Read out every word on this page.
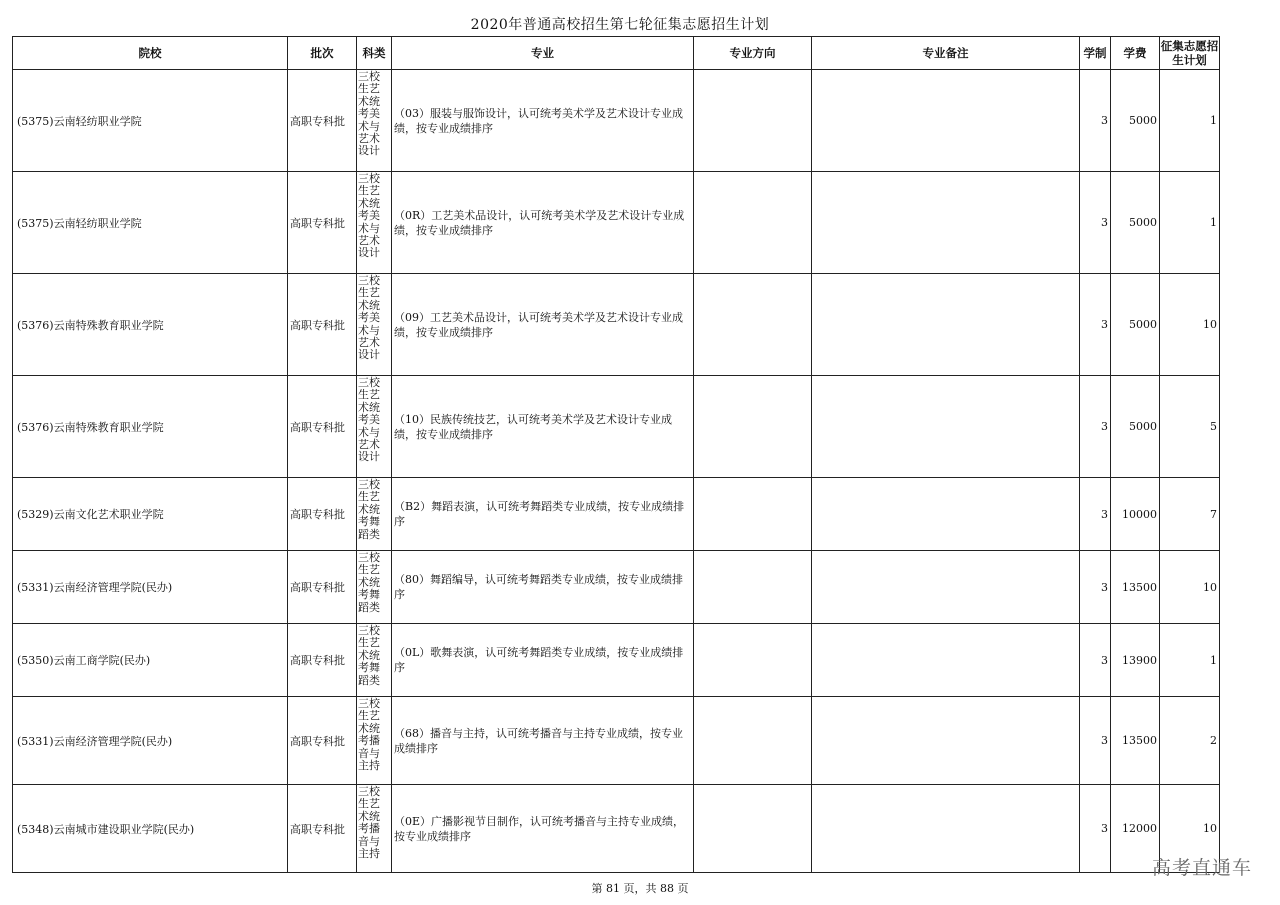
2020年普通高校招生第七轮征集志愿招生计划
院校	批次	科类	专业	专业方向	专业备注	学制	学费	征集志愿招生计划
(5375)云南轻纺职业学院	高职专科批	三校生艺术统考美术与艺术设计	（03）服装与服饰设计，认可统考美术学及艺术设计专业成绩，按专业成绩排序			3	5000	1
(5375)云南轻纺职业学院	高职专科批	三校生艺术统考美术与艺术设计	（0R）工艺美术品设计，认可统考美术学及艺术设计专业成绩，按专业成绩排序			3	5000	1
(5376)云南特殊教育职业学院	高职专科批	三校生艺术统考美术与艺术设计	（09）工艺美术品设计，认可统考美术学及艺术设计专业成绩，按专业成绩排序			3	5000	10
(5376)云南特殊教育职业学院	高职专科批	三校生艺术统考美术与艺术设计	（10）民族传统技艺，认可统考美术学及艺术设计专业成绩，按专业成绩排序			3	5000	5
(5329)云南文化艺术职业学院	高职专科批	三校生艺术统考舞蹈类	（B2）舞蹈表演，认可统考舞蹈类专业成绩，按专业成绩排序			3	10000	7
(5331)云南经济管理学院(民办)	高职专科批	三校生艺术统考舞蹈类	（80）舞蹈编导，认可统考舞蹈类专业成绩，按专业成绩排序			3	13500	10
(5350)云南工商学院(民办)	高职专科批	三校生艺术统考舞蹈类	（0L）歌舞表演，认可统考舞蹈类专业成绩，按专业成绩排序			3	13900	1
(5331)云南经济管理学院(民办)	高职专科批	三校生艺术统考播音与主持	（68）播音与主持，认可统考播音与主持专业成绩，按专业成绩排序			3	13500	2
(5348)云南城市建设职业学院(民办)	高职专科批	三校生艺术统考播音与主持	（0E）广播影视节目制作，认可统考播音与主持专业成绩，按专业成绩排序			3	12000	10
第 81 页，共 88 页
高考直通车
